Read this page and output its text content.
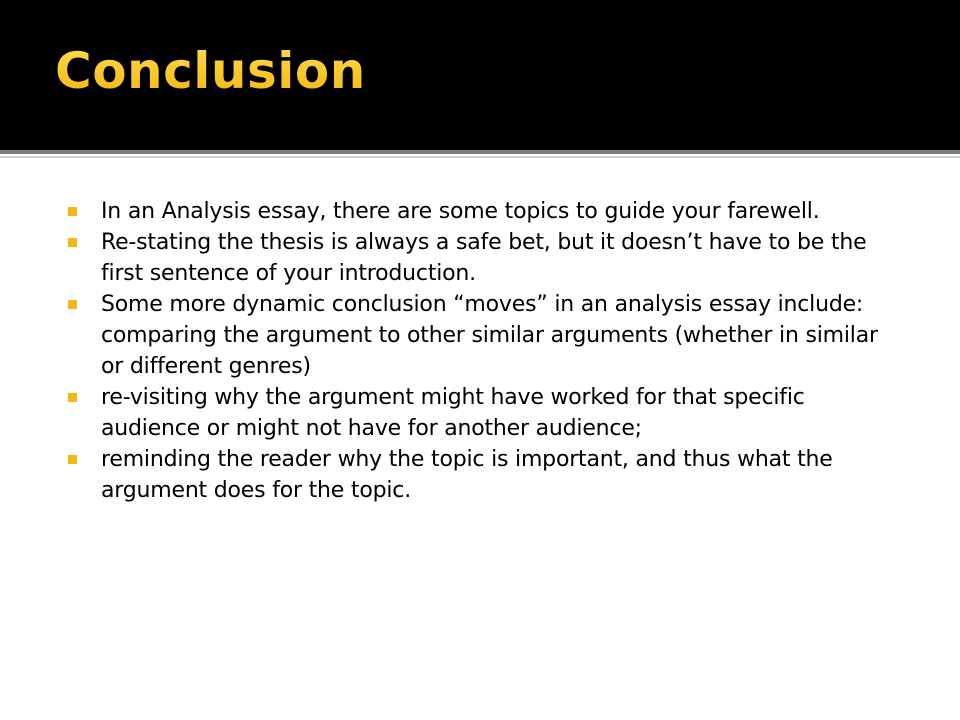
Conclusion
In an Analysis essay, there are some topics to guide your farewell.
Re-stating the thesis is always a safe bet, but it doesn’t have to be the first sentence of your introduction.
Some more dynamic conclusion “moves” in an analysis essay include: comparing the argument to other similar arguments (whether in similar or different genres)
re-visiting why the argument might have worked for that specific audience or might not have for another audience;
reminding the reader why the topic is important, and thus what the argument does for the topic.
